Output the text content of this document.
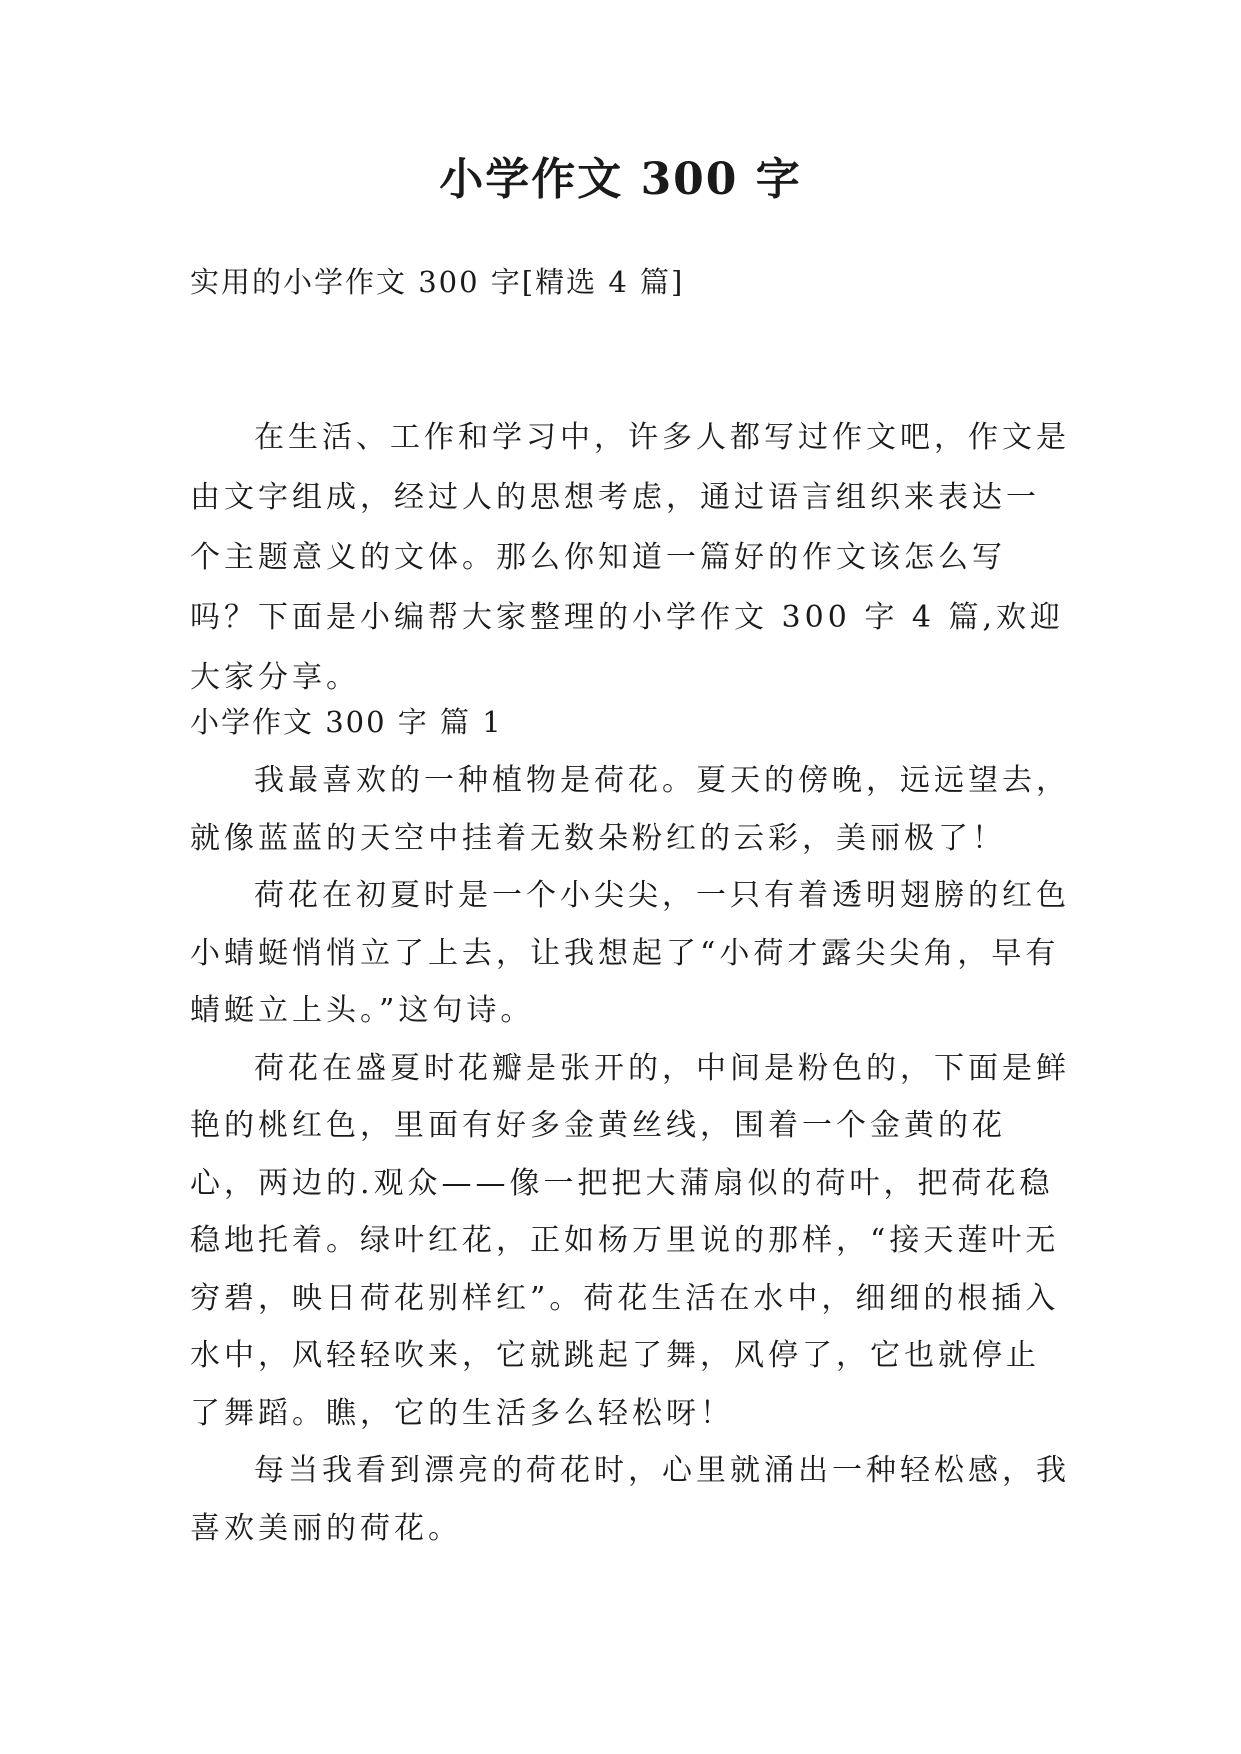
小学作文 300 字
实用的小学作文 300 字[精选 4 篇]
在生活、工作和学习中，许多人都写过作文吧，作文是由文字组成，经过人的思想考虑，通过语言组织来表达一个主题意义的文体。那么你知道一篇好的作文该怎么写吗？下面是小编帮大家整理的小学作文 300 字 4 篇,欢迎大家分享。
小学作文 300 字 篇 1

我最喜欢的一种植物是荷花。夏天的傍晚，远远望去，就像蓝蓝的天空中挂着无数朵粉红的云彩，美丽极了！

荷花在初夏时是一个小尖尖，一只有着透明翅膀的红色小蜻蜓悄悄立了上去，让我想起了“小荷才露尖尖角，早有蜻蜓立上头。”这句诗。

荷花在盛夏时花瓣是张开的，中间是粉色的，下面是鲜艳的桃红色，里面有好多金黄丝线，围着一个金黄的花心，两边的.观众——像一把把大蒲扇似的荷叶，把荷花稳稳地托着。绿叶红花，正如杨万里说的那样，“接天莲叶无穷碧，映日荷花别样红”。荷花生活在水中，细细的根插入水中，风轻轻吹来，它就跳起了舞，风停了，它也就停止了舞蹈。瞧，它的生活多么轻松呀！

每当我看到漂亮的荷花时，心里就涌出一种轻松感，我喜欢美丽的荷花。
